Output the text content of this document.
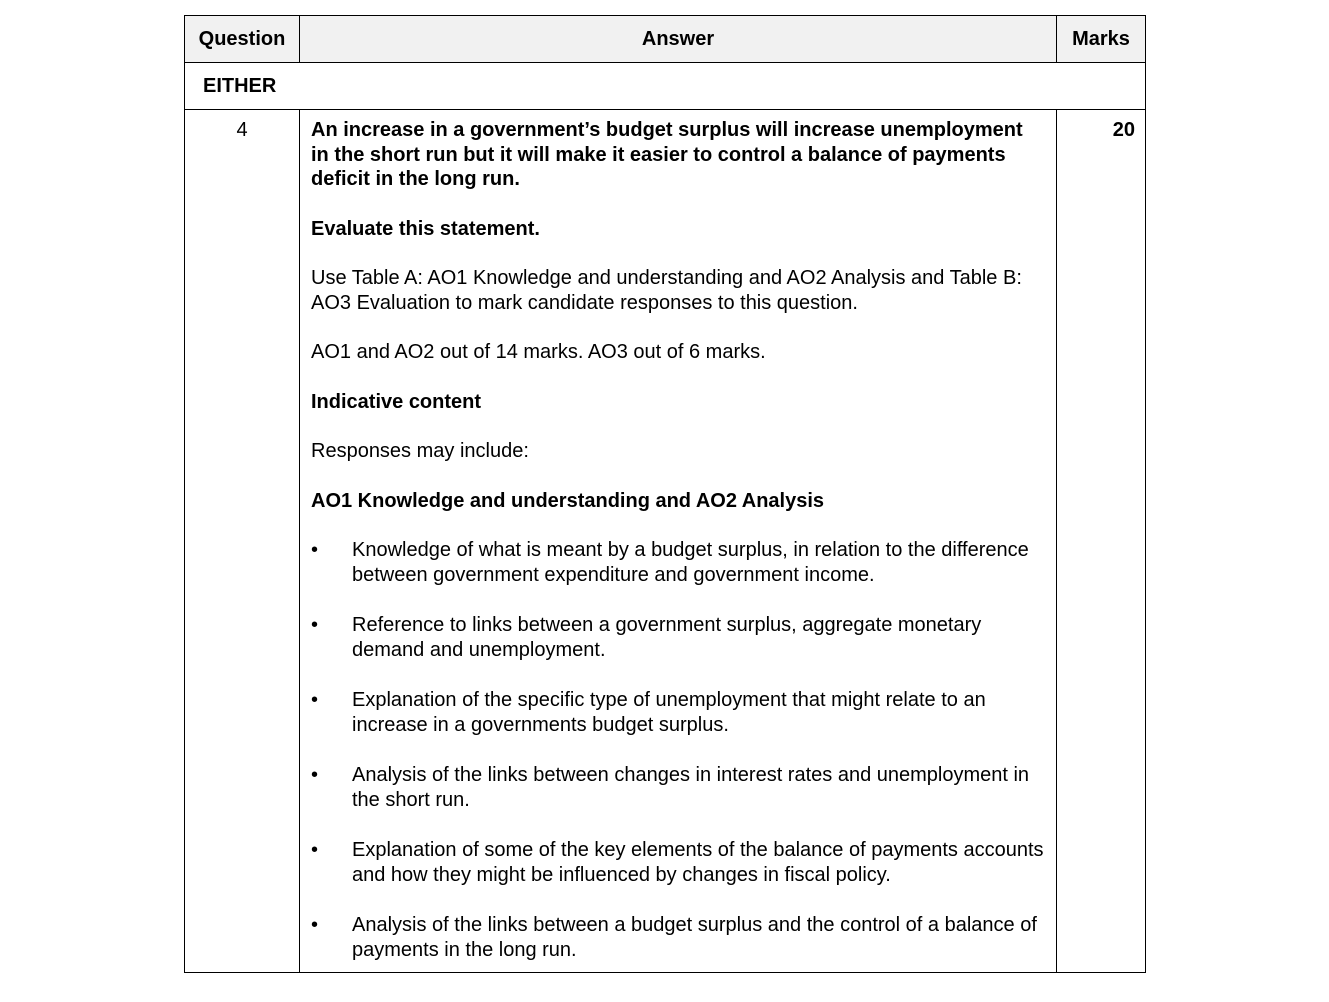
Question	Answer	Marks
EITHER		
4	An increase in a government’s budget surplus will increase unemployment in the short run but it will make it easier to control a balance of payments deficit in the long run.

Evaluate this statement.

Use Table A: AO1 Knowledge and understanding and AO2 Analysis and Table B: AO3 Evaluation to mark candidate responses to this question.

AO1 and AO2 out of 14 marks. AO3 out of 6 marks.

Indicative content

Responses may include:

AO1 Knowledge and understanding and AO2 Analysis

•	Knowledge of what is meant by a budget surplus, in relation to the difference between government expenditure and government income.
•	Reference to links between a government surplus, aggregate monetary demand and unemployment.
•	Explanation of the specific type of unemployment that might relate to an increase in a governments budget surplus.
•	Analysis of the links between changes in interest rates and unemployment in the short run.
•	Explanation of some of the key elements of the balance of payments accounts and how they might be influenced by changes in fiscal policy.
•	Analysis of the links between a budget surplus and the control of a balance of payments in the long run.
	20
